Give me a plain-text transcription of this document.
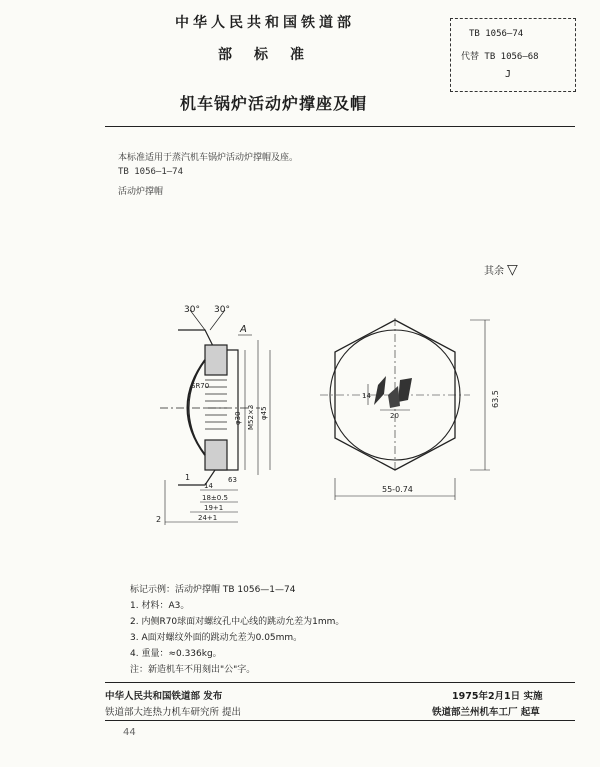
中华人民共和国铁道部
部标准
机车锅炉活动炉撑座及帽
TB 1056—74
代替 TB 1056—68
J
本标准适用于蒸汽机车锅炉活动炉撑帽及座。
TB 1056—1—74
活动炉撑帽
其余 ▽
30° 30°
A
SR70
φ30 M52×3 φ45
14
18±0.5
19+1
24+1
2
1	63
20
14	63.5
55-0.74
标记示例：活动炉撑帽 TB 1056—1—74
1. 材料：A3。
2. 内侧R70球面对螺纹孔中心线的跳动允差为1mm。
3. A面对螺纹外面的跳动允差为0.05mm。
4. 重量：≈0.336kg。
注：新造机车不用刻出"公"字。
中华人民共和国铁道部 发布
铁道部大连热力机车研究所 提出
1975年2月1日 实施
铁道部兰州机车工厂 起草
44
